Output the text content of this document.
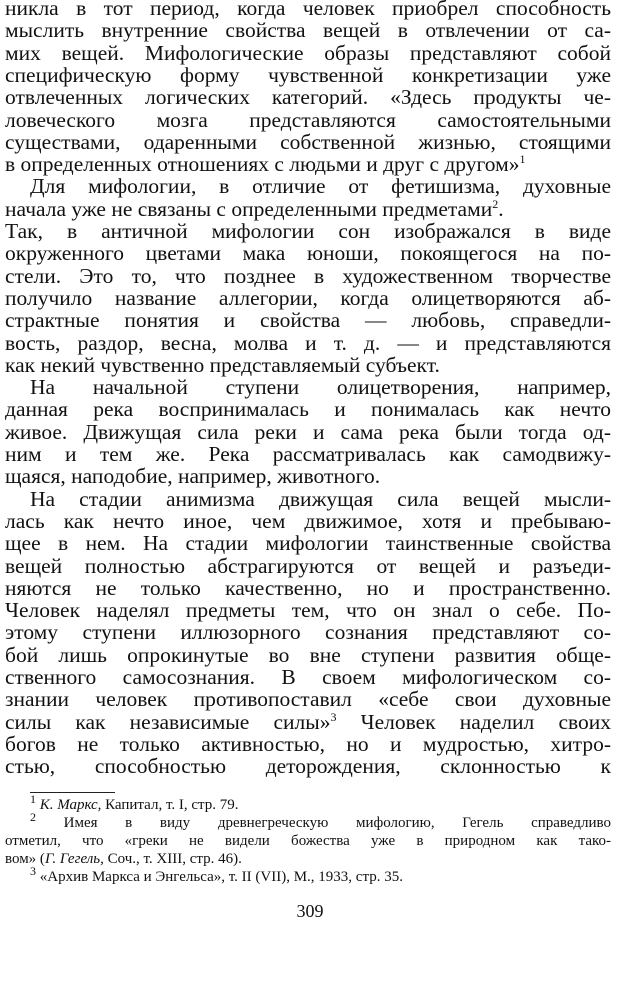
никла в тот период, когда человек приобрел способность
мыслить внутренние свойства вещей в отвлечении от са-
мих вещей. Мифологические образы представляют собой
специфическую форму чувственной конкретизации уже
отвлеченных логических категорий. «Здесь продукты че-
ловеческого мозга представляются самостоятельными
существами, одаренными собственной жизнью, стоящими
в определенных отношениях с людьми и друг с другом»$^1$
Для мифологии, в отличие от фетишизма, духовные
начала уже не связаны с определенными предметами$^2$.
Так, в античной мифологии сон изображался в виде
окруженного цветами мака юноши, покоящегося на по-
стели. Это то, что позднее в художественном творчестве
получило название аллегории, когда олицетворяются аб-
страктные понятия и свойства — любовь, справедли-
вость, раздор, весна, молва и т. д. — и представляются
как некий чувственно представляемый субъект.
На начальной ступени олицетворения, например,
данная река воспринималась и понималась как нечто
живое. Движущая сила реки и сама река были тогда од-
ним и тем же. Река рассматривалась как самодвижу-
щаяся, наподобие, например, животного.
На стадии анимизма движущая сила вещей мысли-
лась как нечто иное, чем движимое, хотя и пребываю-
щее в нем. На стадии мифологии таинственные свойства
вещей полностью абстрагируются от вещей и разъеди-
няются не только качественно, но и пространственно.
Человек наделял предметы тем, что он знал о себе. По-
этому ступени иллюзорного сознания представляют со-
бой лишь опрокинутые во вне ступени развития обще-
ственного самосознания. В своем мифологическом со-
знании человек противопоставил «себе свои духовные
силы как независимые силы»$^3$ Человек наделил своих
богов не только активностью, но и мудростью, хитро-
стью, способностью деторождения, склонностью к
$^1$ К. Маркс, Капитал, т. I, стр. 79.
$^2$ Имея в виду древнегреческую мифологию, Гегель справедливо
отметил, что «греки не видели божества уже в природном как тако-
вом» (Г. Гегель, Соч., т. XIII, стр. 46).
$^3$ «Архив Маркса и Энгельса», т. II (VII), М., 1933, стр. 35.
309
